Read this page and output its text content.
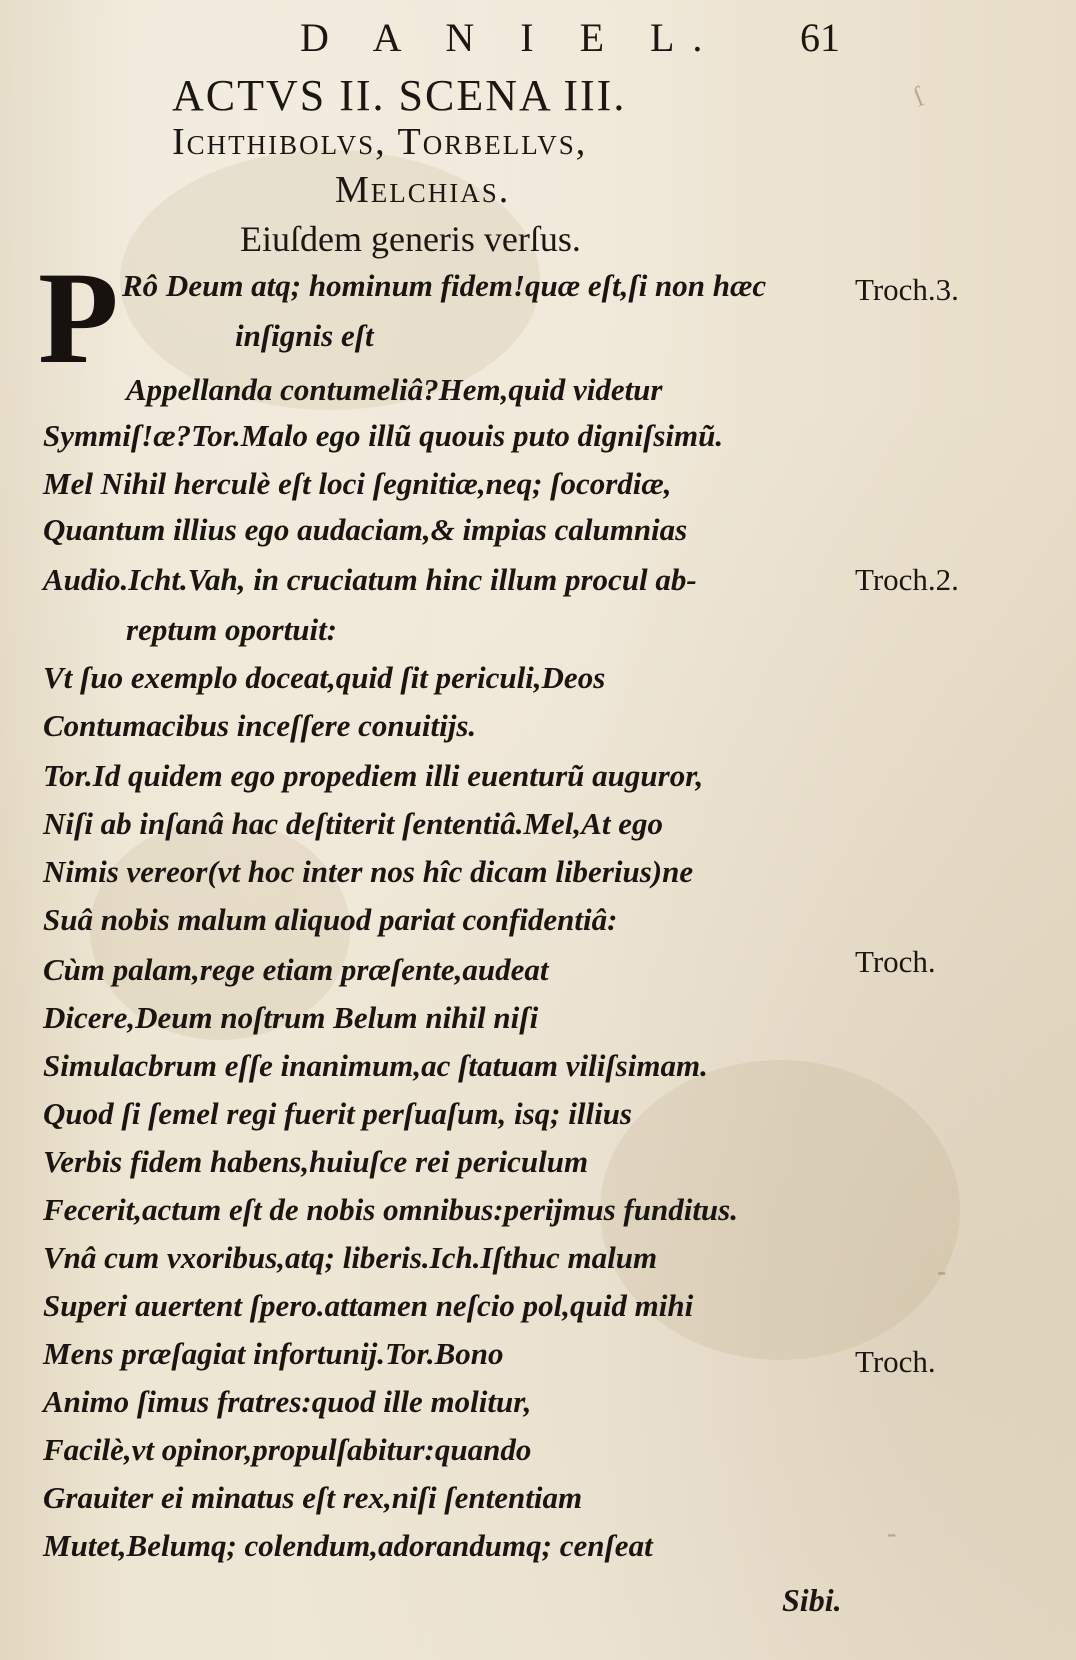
ſ
-
-
D A N I E L. 61
ACTVS II. SCENA III.
Ichthibolvs, Torbellvs,
Melchias.
Eiuſdem generis verſus.
P Rô Deum atq; hominum fidem!quæ eſt,ſi non hæc
inſignis eſt
Appellanda contumeliâ?Hem,quid videtur
Symmiſ!æ?Tor.Malo ego illũ quouis puto digniſsimũ.
Mel Nihil herculè eſt loci ſegnitiæ,neq; ſocordiæ,
Quantum illius ego audaciam,& impias calumnias
Audio.Icht.Vah, in cruciatum hinc illum procul ab-
reptum oportuit:
Vt ſuo exemplo doceat,quid ſit periculi,Deos
Contumacibus inceſſere conuitijs.
Tor.Id quidem ego propediem illi euenturũ auguror,
Niſi ab inſanâ hac deſtiterit ſententiâ.Mel,At ego
Nimis vereor(vt hoc inter nos hîc dicam liberius)ne
Suâ nobis malum aliquod pariat confidentiâ:
Cùm palam,rege etiam præſente,audeat
Dicere,Deum noſtrum Belum nihil niſi
Simulacbrum eſſe inanimum,ac ſtatuam viliſsimam.
Quod ſi ſemel regi fuerit perſuaſum, isq; illius
Verbis fidem habens,huiuſce rei periculum
Fecerit,actum eſt de nobis omnibus:perijmus funditus.
Vnâ cum vxoribus,atq; liberis.Ich.Iſthuc malum
Superi auertent ſpero.attamen neſcio pol,quid mihi
Mens præſagiat infortunij.Tor.Bono
Animo ſimus fratres:quod ille molitur,
Facilè,vt opinor,propulſabitur:quando
Grauiter ei minatus eſt rex,niſi ſententiam
Mutet,Belumq; colendum,adorandumq; cenſeat
Troch.3.
Troch.2.
Troch.
Troch.
Sibi.
